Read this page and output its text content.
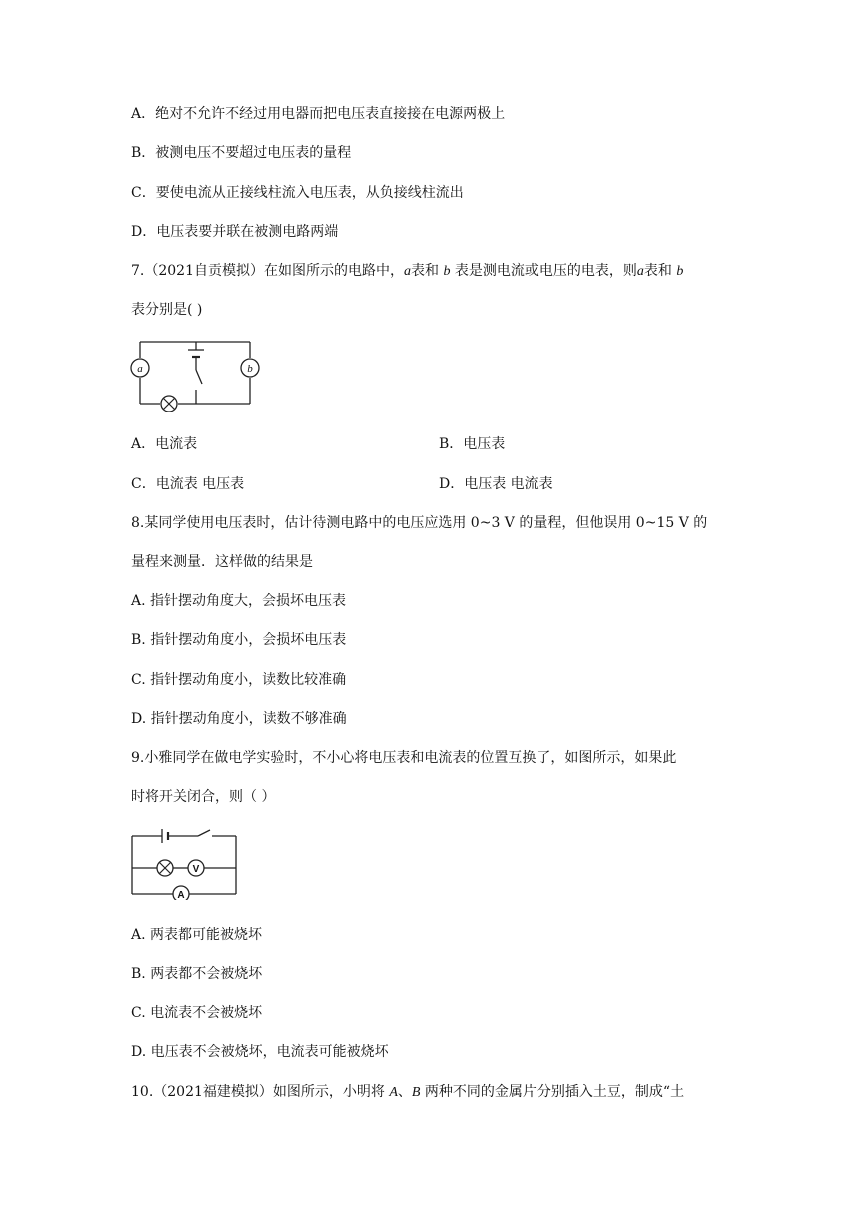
A．绝对不允许不经过用电器而把电压表直接接在电源两极上
B．被测电压不要超过电压表的量程
C．要使电流从正接线柱流入电压表，从负接线柱流出
D．电压表要并联在被测电路两端
7.（2021自贡模拟）在如图所示的电路中，a表和 b 表是测电流或电压的电表，则a表和 b
表分别是( )
a	b
A．电流表	B．电压表
C．电流表 电压表	D．电压表 电流表
8.某同学使用电压表时，估计待测电路中的电压应选用 0~3 V 的量程，但他误用 0~15 V 的
量程来测量．这样做的结果是
A. 指针摆动角度大，会损坏电压表
B. 指针摆动角度小，会损坏电压表
C. 指针摆动角度小，读数比较准确
D. 指针摆动角度小，读数不够准确
9.小雅同学在做电学实验时，不小心将电压表和电流表的位置互换了，如图所示，如果此
时将开关闭合，则（ ）
V
A
A. 两表都可能被烧坏
B. 两表都不会被烧坏
C. 电流表不会被烧坏
D. 电压表不会被烧坏，电流表可能被烧坏
10.（2021福建模拟）如图所示，小明将 A、B 两种不同的金属片分别插入土豆，制成“土
